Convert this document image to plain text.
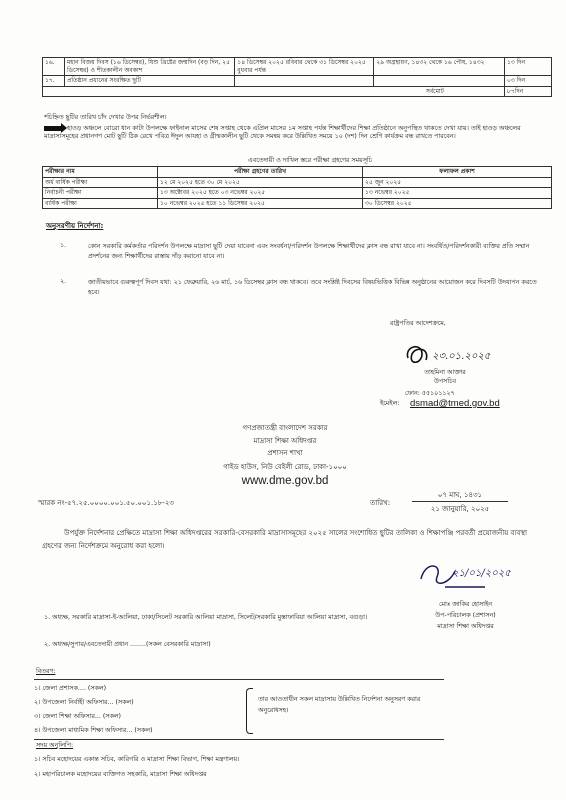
১৬.	মহান বিজয় দিবস (১৬ ডিসেম্বর), যিশু খ্রিষ্টের জন্মদিন (বড় দিন, ২৫ ডিসেম্বর) ও শীতকালীন অবকাশ	১৪ ডিসেম্বর ২০২৫ রবিবার থেকে ৩১ ডিসেম্বর ২০২৫ বুধবার পর্যন্ত	২৯ অগ্রহায়ণ, ১৪৩২ থেকে ১৬ পৌষ, ১৪৩২	১৩ দিন
১৭.	প্রতিষ্ঠান প্রধানের সংরক্ষিত ছুটি			০৩ দিন
সর্বমোট				৮৭দিন
*চিহ্নিত ছুটির তারিখ চাঁদ দেখার উপর নির্ভরশীল।
হাওড় অঞ্চলে বোরো ধান কাটা উপলক্ষে ফাইনাল মাসের শেষ সপ্তাহ থেকে এপ্রিল মাসের ১ম সপ্তাহ পর্যন্ত শিক্ষার্থীদের শিক্ষা প্রতিষ্ঠানে অনুপস্থিত থাকতে দেখা যায়। তাই হাওড় অঞ্চলের মাদ্রাসাসমূহের প্রধানগণ মোট ছুটি ঠিক রেখে পবিত্র ঈদুল আযহা ও গ্রীষ্মকালীন ছুটি থেকে সমন্বয় করে উল্লিখিত সময়ে ১০ (দশ) দিন শ্রেণি কার্যক্রম বন্ধ রাখতে পারবেন।
এবতেদায়ী ও দাখিল স্তরে পরীক্ষা গ্রহণের সময়সূচি
পরীক্ষার নাম	পরীক্ষা গ্রহণের তারিখ	ফলাফল প্রকাশ
অর্ধ বার্ষিক পরীক্ষা	১২ মে ২০২৫ হতে ৩০ মে ২০২৫	২৫ জুন ২০২৫
নির্বাচনী পরীক্ষা	১৩ অক্টোবর ২০২৫ হতে ০৩ নভেম্বর ২০২৫	১৩ নভেম্বর ২০২৫
বার্ষিক পরীক্ষা	১০ নভেম্বর ২০২৫ হতে ১১ ডিসেম্বর ২০২৫	৩০ ডিসেম্বর ২০২৫
অনুসরণীয় নির্দেশনা:
১.	কোন সরকারি কর্মকর্তার পরিদর্শন উপলক্ষে মাদ্রাসা ছুটি দেয়া যাবেনা এবং সংবর্ধনা/পরিদর্শন উপলক্ষে শিক্ষার্থীদের ক্লাস বন্ধ রাখা যাবে না। সংবর্ধিত/পরিদর্শনকারী ব্যক্তির প্রতি সম্মান প্রদর্শনের জন্য শিক্ষার্থীদের রাস্তায় দাঁড় করানো যাবে না।
২.	জাতীয়ভাবে গুরুত্বপূর্ণ দিবস যথা: ২১ ফেব্রুয়ারি, ২৬ মার্চ, ১৬ ডিসেম্বর ক্লাস বন্ধ থাকবে। তবে সংশ্লিষ্ট দিবসের বিষয়ভিত্তিক বিভিন্ন অনুষ্ঠানের আয়োজন করে দিবসটি উদযাপন করতে হবে।
রাষ্ট্রপতির আদেশক্রমে,
২৩.০১.২০২৫
তাহমিনা আক্তার
উপসচিব
ফোন: ৫৫১০১১২৭
ইমেইল: dsmad@tmed.gov.bd
গণপ্রজাতন্ত্রী বাংলাদেশ সরকার
মাদ্রাসা শিক্ষা অধিদপ্তর
প্রশাসন শাখা
গাইড হাউস, নিউ বেইলী রোড, ঢাকা-১০০০
www.dme.gov.bd
স্মারক নং-৫৭.২৫.০০০০.০০১.৫০.০০১.১৮-২৩	তারিখ:
০৭ মাঘ, ১৪৩১
২১ জানুয়ারি, ২০২৫
উপর্যুক্ত নির্দেশনার প্রেক্ষিতে মাদ্রাসা শিক্ষা অধিদপ্তরের সরকারি-বেসরকারি মাদ্রাসাসমূহের ২০২৫ সালের সংশোধিত ছুটির তালিকা ও শিক্ষাপঞ্জি পরবর্তী প্রয়োজনীয় ব্যবস্থা গ্রহণের জন্য নির্দেশক্রমে অনুরোধ করা হলো।
২১/০১/২০২৫
মোঃ জাকির হোসাইন
উপ-পরিচালক (প্রশাসন)
মাদ্রাসা শিক্ষা অধিদপ্তর
১. অধ্যক্ষ, সরকারি মাদ্রাসা-ই-আলিয়া, ঢাকা/সিলেট সরকারি আলিয়া মাদ্রাসা, সিলেট/সরকারি মুস্তাফাবিয়া আলিয়া মাদ্রাসা, বগুড়া।
২. অধ্যক্ষ/সুপার/এবতেদায়ী প্রধান ........(সকল বেসরকারি মাদ্রাসা)
বিতরণ:
১। জেলা প্রশাসক.... (সকল)
২। উপজেলা নির্বাহী অফিসার... (সকল)
৩। জেলা শিক্ষা অফিসার... (সকল)
৪। উপজেলা মাধ্যমিক শিক্ষা অফিসার... (সকল)
তার আওতাধীন সকল মাদ্রাসায় উল্লিখিত নির্দেশনা অনুসরণ করার অনুরোধসহ।
সদয় অনুলিপি:
১। সচিব মহোদয়ের একান্ত সচিব, কারিগরি ও মাদ্রাসা শিক্ষা বিভাগ, শিক্ষা মন্ত্রণালয়।
২। মহাপরিচালক মহোদয়ের ব্যক্তিগত সহকারি, মাদ্রাসা শিক্ষা অধিদপ্তর
